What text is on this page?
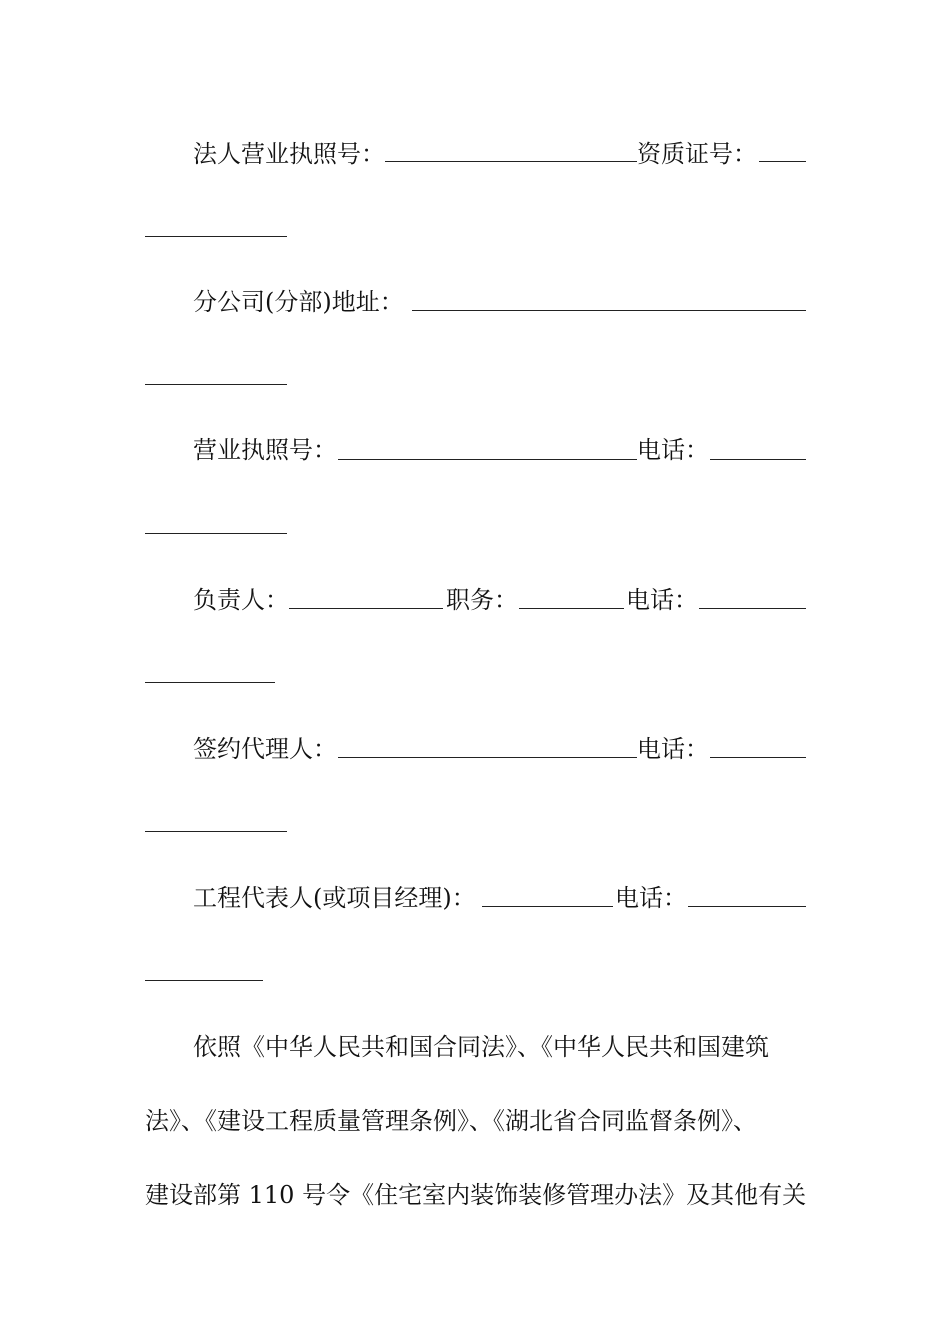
法人营业执照号：	资质证号：
分公司(分部)地址：
营业执照号：	电话：
负责人：	职务：	电话：
签约代理人：	电话：
工程代表人(或项目经理)：	电话：
依照《中华人民共和国合同法》、《中华人民共和国建筑
法》、《建设工程质量管理条例》、《湖北省合同监督条例》、
建设部第 110 号令《住宅室内装饰装修管理办法》及其他有关
